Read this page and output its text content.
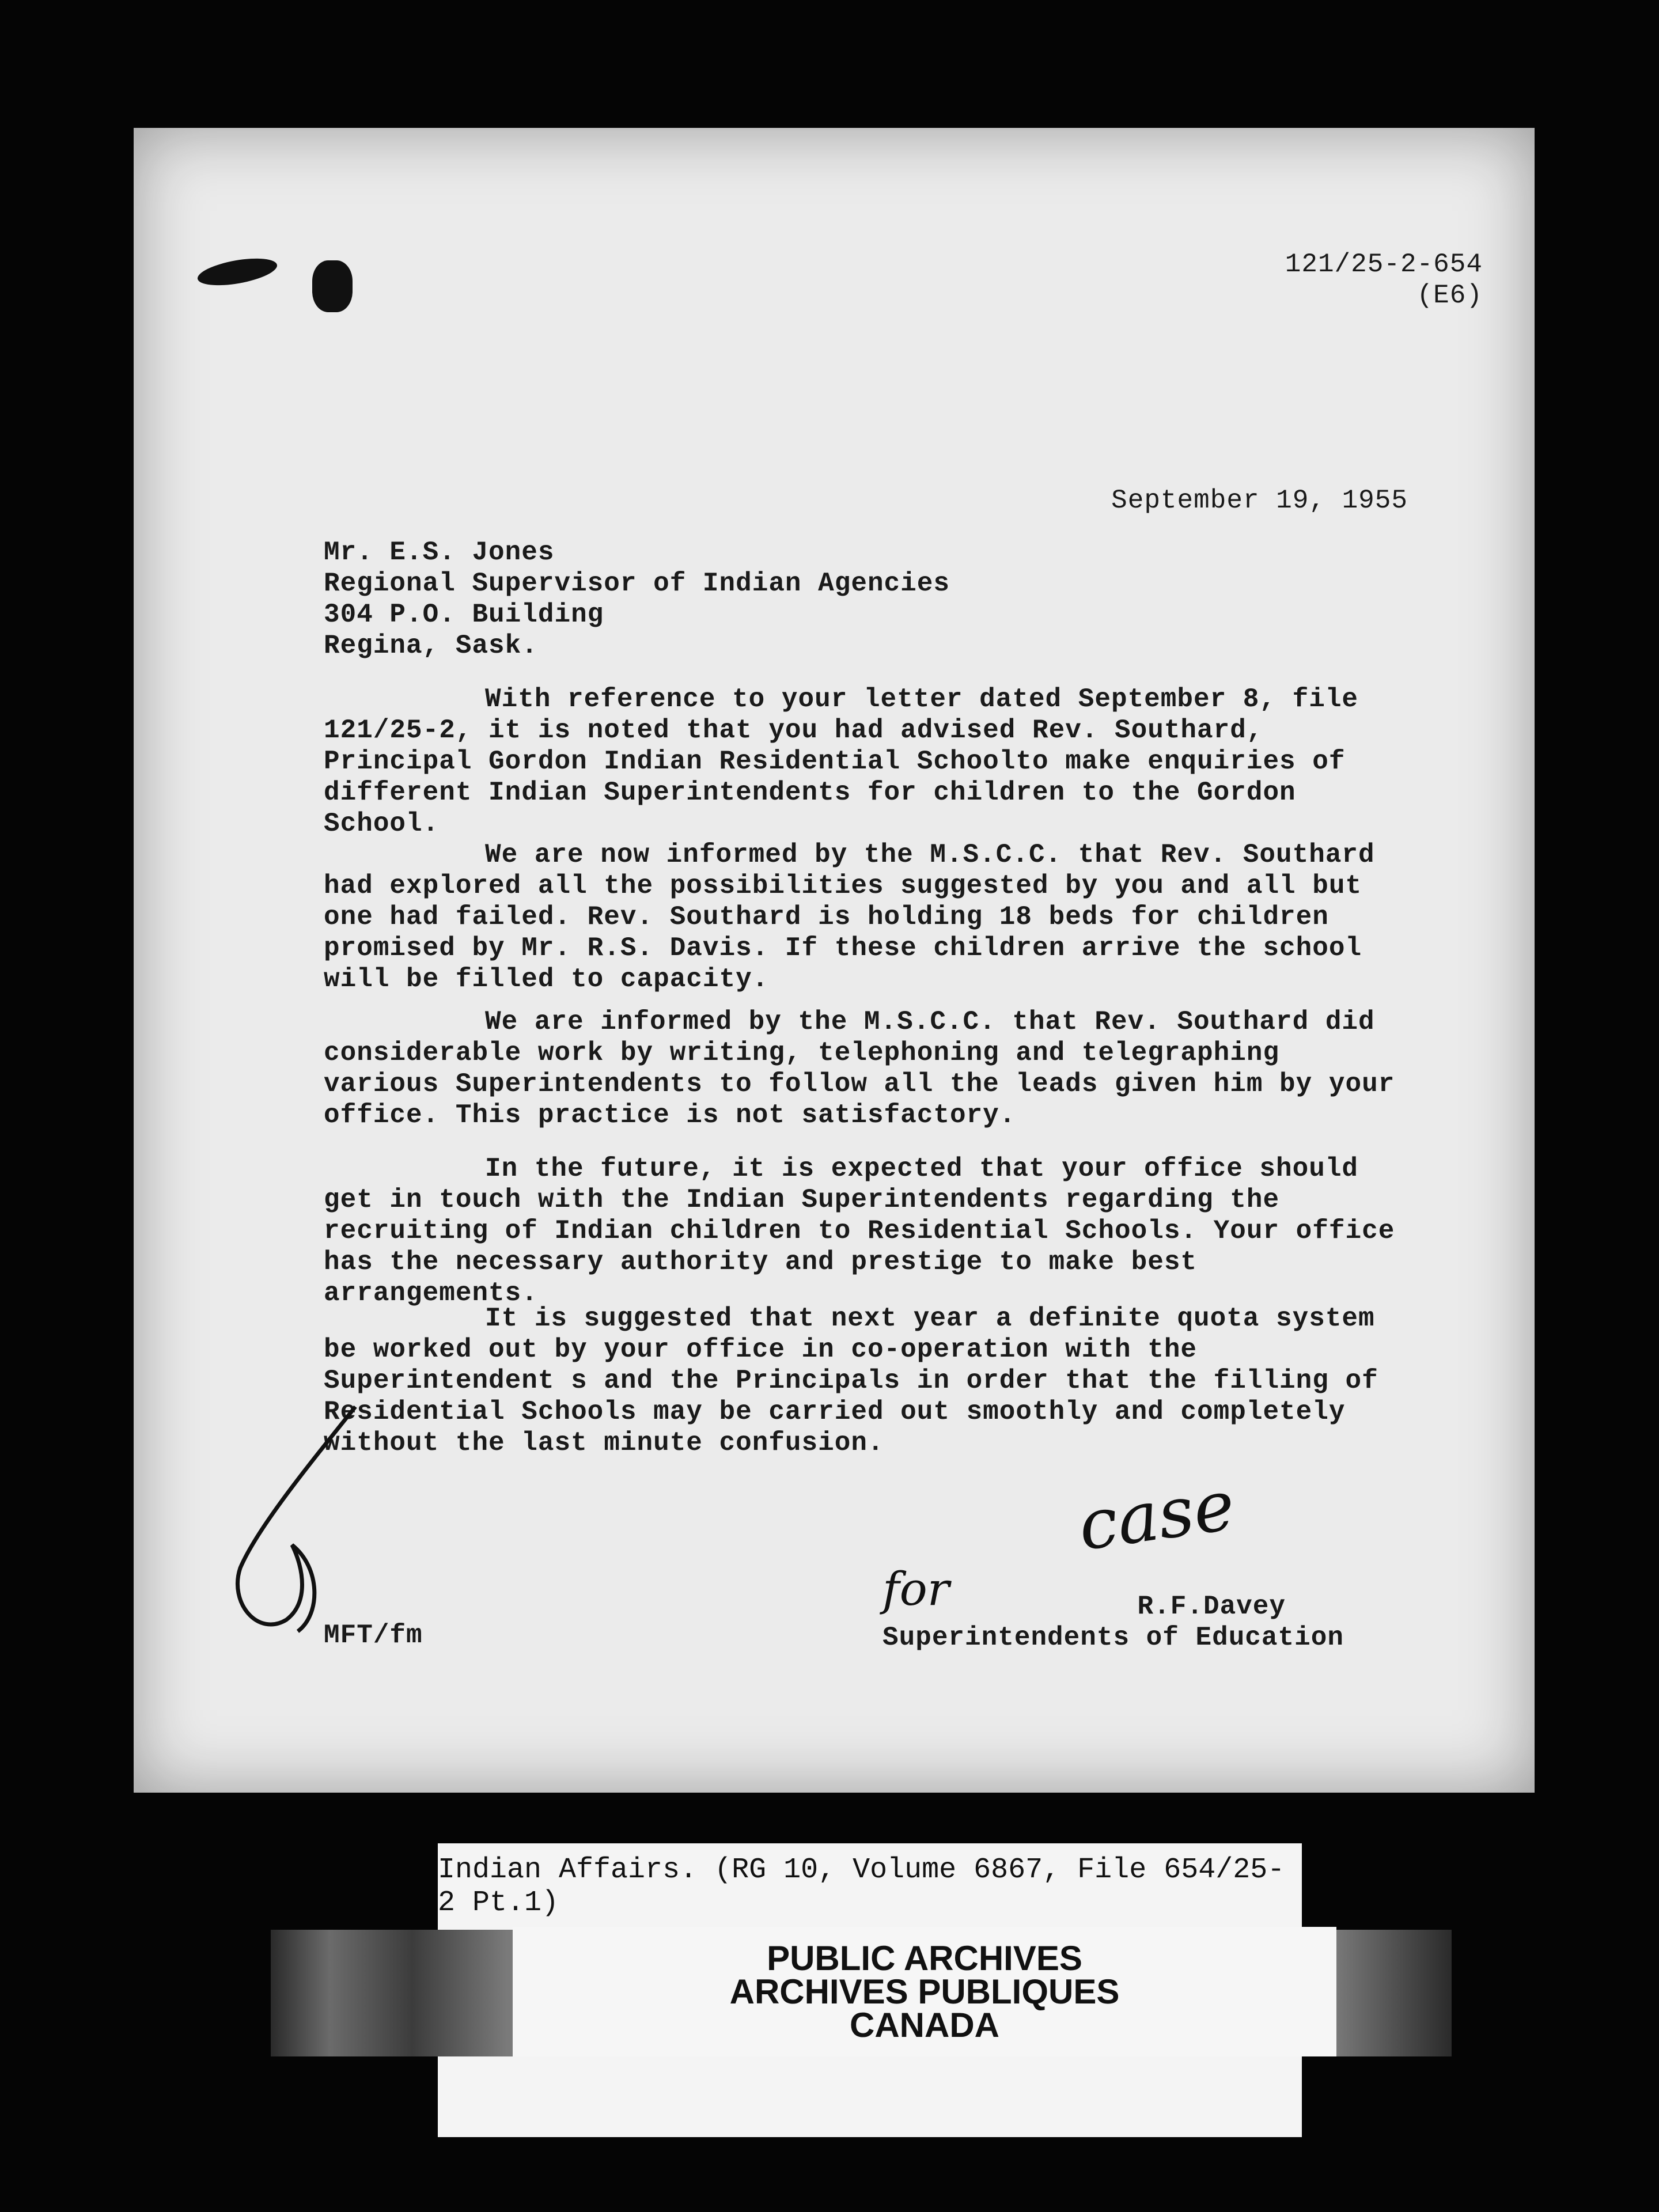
121/25-2-654
(E6)
September 19, 1955
Mr. E.S. Jones
Regional Supervisor of Indian Agencies
304 P.O. Building
Regina, Sask.
With reference to your letter dated September 8, file 121/25-2, it is noted that you had advised Rev. Southard, Principal Gordon Indian Residential Schoolto make enquiries of different Indian Superintendents for children to the Gordon School.
We are now informed by the M.S.C.C. that Rev. Southard had explored all the possibilities suggested by you and all but one had failed. Rev. Southard is holding 18 beds for children promised by Mr. R.S. Davis. If these children arrive the school will be filled to capacity.
We are informed by the M.S.C.C. that Rev. Southard did considerable work by writing, telephoning and telegraphing various Superintendents to follow all the leads given him by your office. This practice is not satisfactory.
In the future, it is expected that your office should get in touch with the Indian Superintendents regarding the recruiting of Indian children to Residential Schools. Your office has the necessary authority and prestige to make best arrangements.
It is suggested that next year a definite quota system be worked out by your office in co-operation with the Superintendent s and the Principals in order that the filling of Residential Schools may be carried out smoothly and completely without the last minute confusion.
case
for
MFT/fm
R.F.Davey
Superintendents of Education
Indian Affairs. (RG 10, Volume 6867, File 654/25-2 Pt.1)
PUBLIC ARCHIVES
ARCHIVES PUBLIQUES
CANADA
